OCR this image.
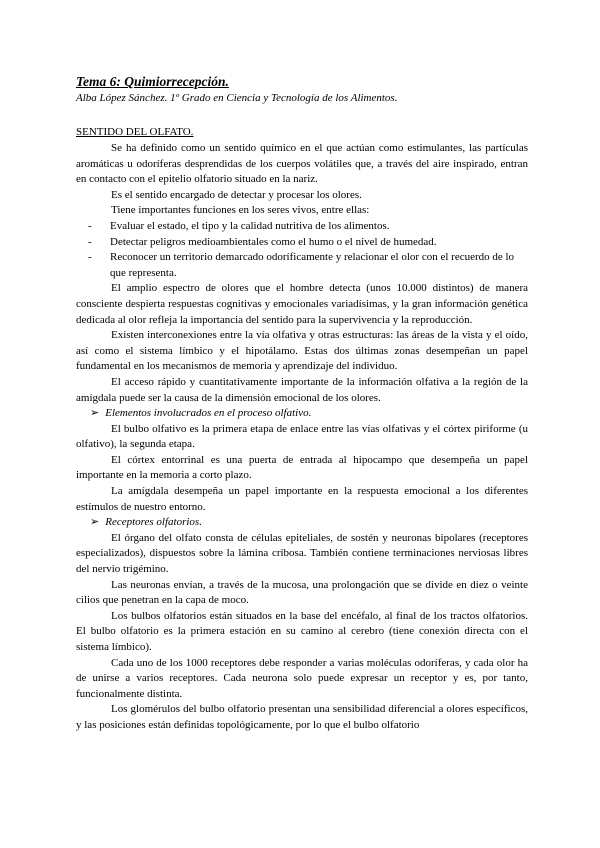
Tema 6: Quimiorrecepción.
Alba López Sánchez. 1º Grado en Ciencia y Tecnología de los Alimentos.
SENTIDO DEL OLFATO.

Se ha definido como un sentido químico en el que actúan como estimulantes, las partículas aromáticas u odoríferas desprendidas de los cuerpos volátiles que, a través del aire inspirado, entran en contacto con el epitelio olfatorio situado en la nariz.

Es el sentido encargado de detectar y procesar los olores.

Tiene importantes funciones en los seres vivos, entre ellas:

- Evaluar el estado, el tipo y la calidad nutritiva de los alimentos.
- Detectar peligros medioambientales como el humo o el nivel de humedad.
- Reconocer un territorio demarcado odoríficamente y relacionar el olor con el recuerdo de lo que representa.

El amplio espectro de olores que el hombre detecta (unos 10.000 distintos) de manera consciente despierta respuestas cognitivas y emocionales variadísimas, y la gran información genética dedicada al olor refleja la importancia del sentido para la supervivencia y la reproducción.

Existen interconexiones entre la vía olfativa y otras estructuras: las áreas de la vista y el oído, así como el sistema límbico y el hipotálamo. Estas dos últimas zonas desempeñan un papel fundamental en los mecanismos de memoria y aprendizaje del individuo.

El acceso rápido y cuantitativamente importante de la información olfativa a la región de la amígdala puede ser la causa de la dimensión emocional de los olores.

➢ Elementos involucrados en el proceso olfativo.

El bulbo olfativo es la primera etapa de enlace entre las vías olfativas y el córtex piriforme (u olfativo), la segunda etapa.

El córtex entorrinal es una puerta de entrada al hipocampo que desempeña un papel importante en la memoria a corto plazo.

La amígdala desempeña un papel importante en la respuesta emocional a los diferentes estímulos de nuestro entorno.

➢ Receptores olfatorios.

El órgano del olfato consta de células epiteliales, de sostén y neuronas bipolares (receptores especializados), dispuestos sobre la lámina cribosa. También contiene terminaciones nerviosas libres del nervio trigémino.

Las neuronas envían, a través de la mucosa, una prolongación que se divide en diez o veinte cilios que penetran en la capa de moco.

Los bulbos olfatorios están situados en la base del encéfalo, al final de los tractos olfatorios. El bulbo olfatorio es la primera estación en su camino al cerebro (tiene conexión directa con el sistema límbico).

Cada uno de los 1000 receptores debe responder a varias moléculas odoríferas, y cada olor ha de unirse a varios receptores. Cada neurona solo puede expresar un receptor y es, por tanto, funcionalmente distinta.

Los glomérulos del bulbo olfatorio presentan una sensibilidad diferencial a olores específicos, y las posiciones están definidas topológicamente, por lo que el bulbo olfatorio
